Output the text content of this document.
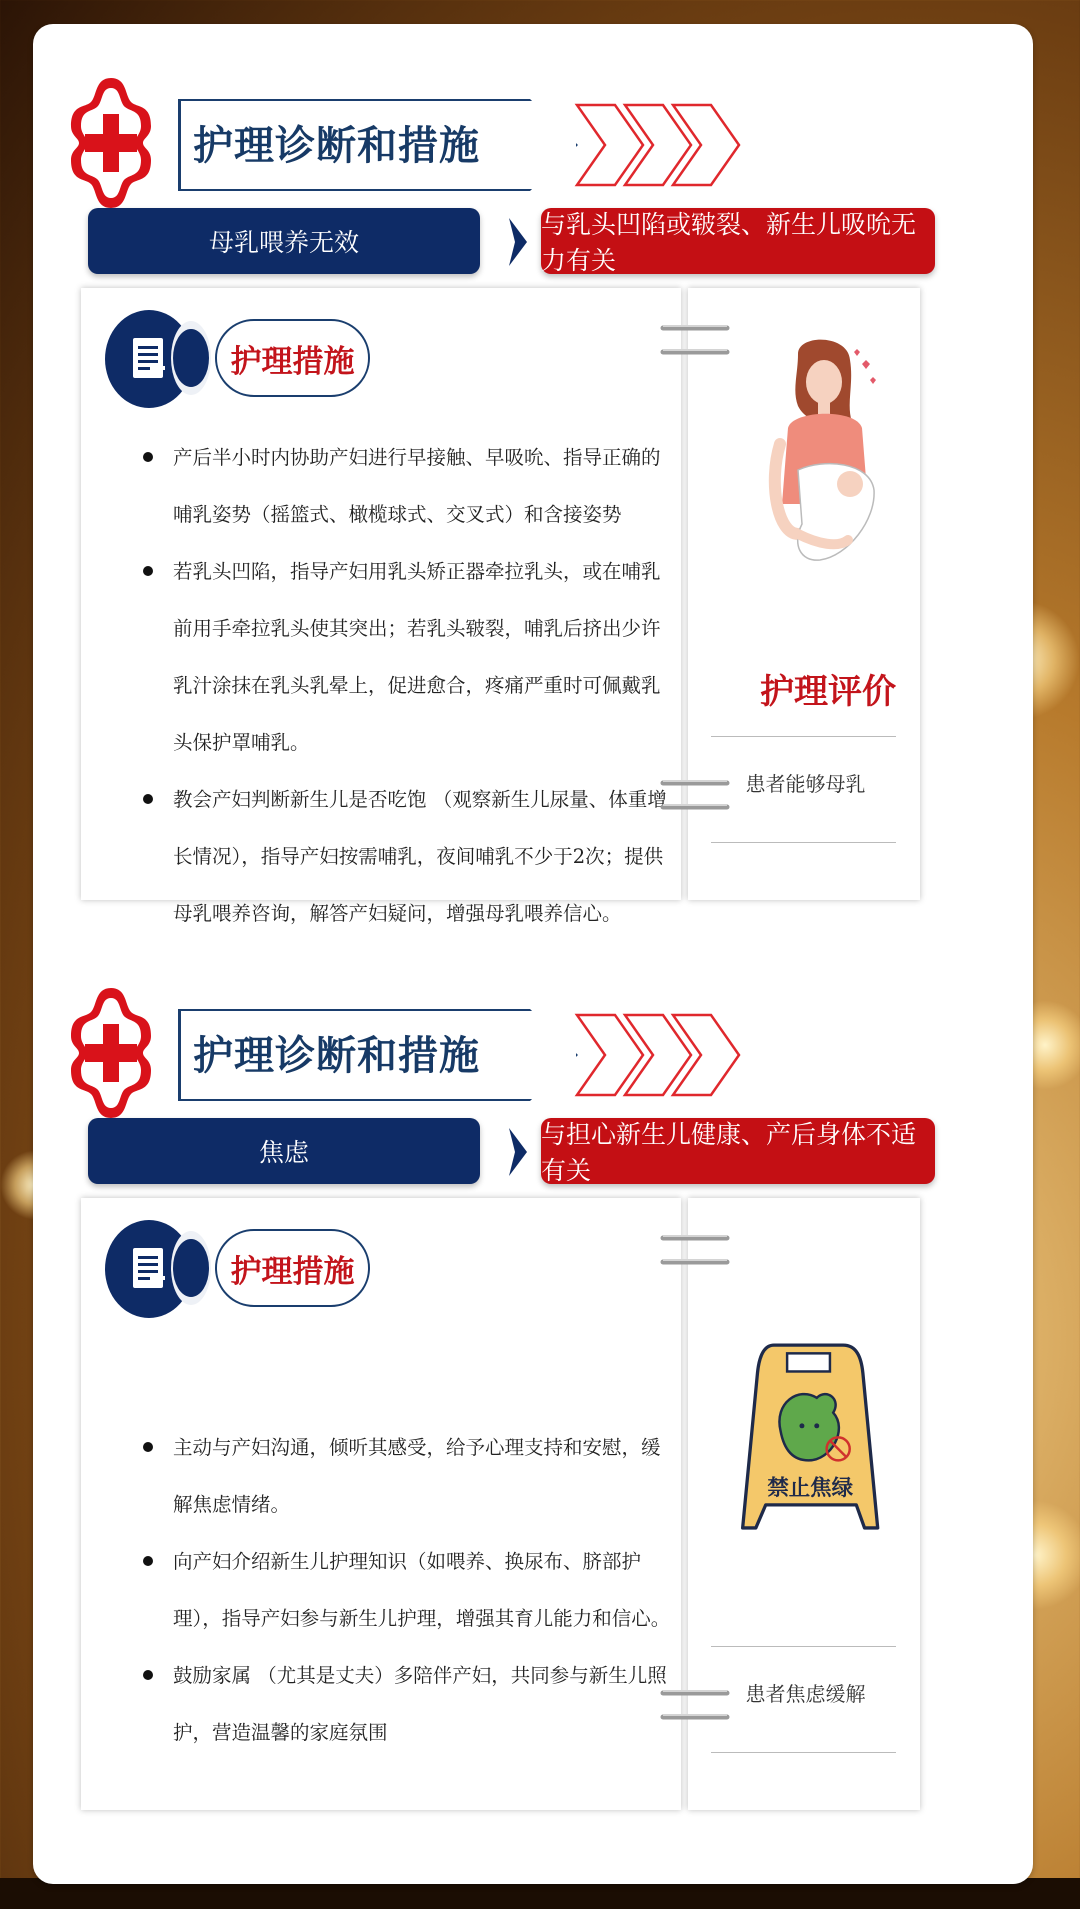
护理诊断和措施
母乳喂养无效
与乳头凹陷或皲裂、新生儿吸吮无力有关
护理措施
产后半小时内协助产妇进行早接触、早吸吮、指导正确的哺乳姿势（摇篮式、橄榄球式、交叉式）和含接姿势
若乳头凹陷，指导产妇用乳头矫正器牵拉乳头，或在哺乳前用手牵拉乳头使其突出；若乳头皲裂，哺乳后挤出少许乳汁涂抹在乳头乳晕上，促进愈合，疼痛严重时可佩戴乳头保护罩哺乳。
教会产妇判断新生儿是否吃饱 （观察新生儿尿量、体重增长情况），指导产妇按需哺乳，夜间哺乳不少于2次；提供母乳喂养咨询，解答产妇疑问，增强母乳喂养信心。
护理评价
患者能够母乳
护理诊断和措施
焦虑
与担心新生儿健康、产后身体不适有关
护理措施
主动与产妇沟通，倾听其感受，给予心理支持和安慰，缓解焦虑情绪。
向产妇介绍新生儿护理知识（如喂养、换尿布、脐部护理），指导产妇参与新生儿护理，增强其育儿能力和信心。
鼓励家属 （尤其是丈夫）多陪伴产妇，共同参与新生儿照护，营造温馨的家庭氛围
禁止焦绿
患者焦虑缓解
